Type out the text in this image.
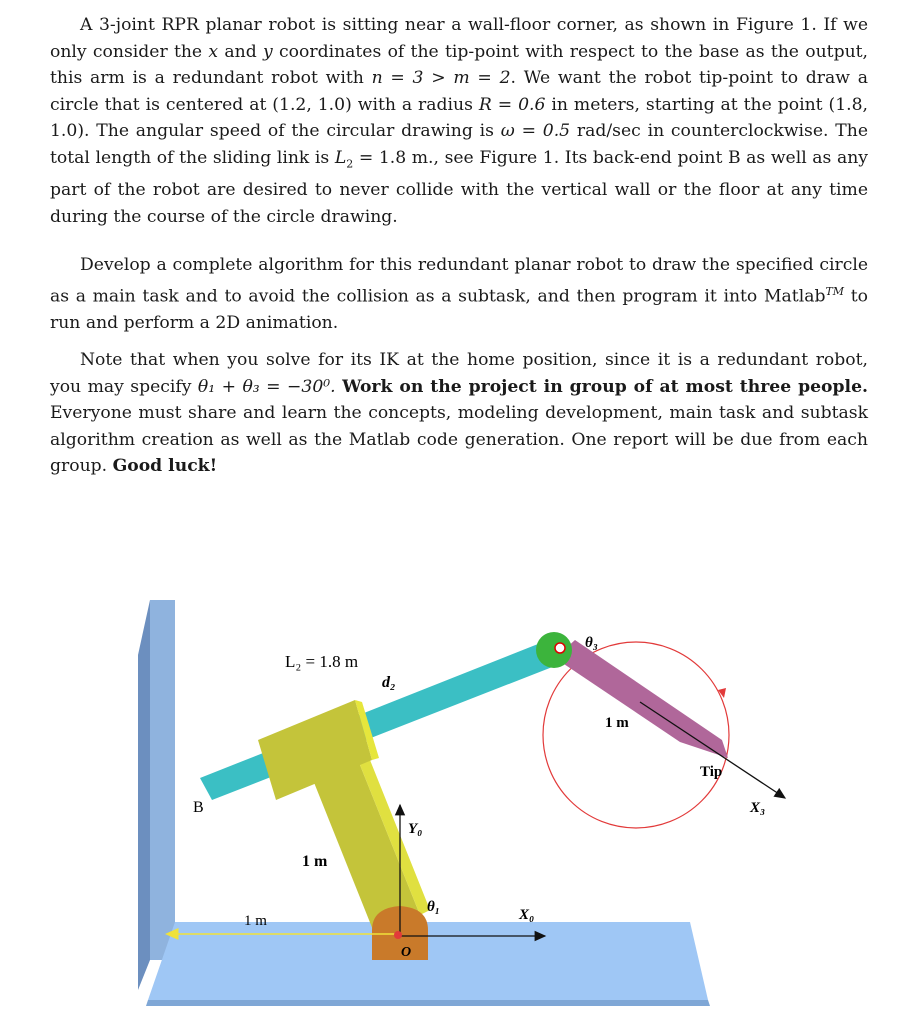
A 3-joint RPR planar robot is sitting near a wall-floor corner, as shown in Figure 1. If we only consider the x and y coordinates of the tip-point with respect to the base as the output, this arm is a redundant robot with n = 3 > m = 2. We want the robot tip-point to draw a circle that is centered at (1.2, 1.0) with a radius R = 0.6 in meters, starting at the point (1.8, 1.0). The angular speed of the circular drawing is ω = 0.5 rad/sec in counterclockwise. The total length of the sliding link is $L_2 = 1.8$ m., see Figure 1. Its back-end point B as well as any part of the robot are desired to never collide with the vertical wall or the floor at any time during the course of the circle drawing.

Develop a complete algorithm for this redundant planar robot to draw the specified circle as a main task and to avoid the collision as a subtask, and then program it into Matlab™ to run and perform a 2D animation.

Note that when you solve for its IK at the home position, since it is a redundant robot, you may specify θ₁ + θ₃ = −30⁰. Work on the project in group of at most three people. Everyone must share and learn the concepts, modeling development, main task and subtask algorithm creation as well as the Matlab code generation. One report will be due from each group. Good luck!

L₂ = 1.8 m
d₂
1 m
1 m
1 m
B
Y₀
X₀
θ₁
θ₃
Tip
X₃
O
